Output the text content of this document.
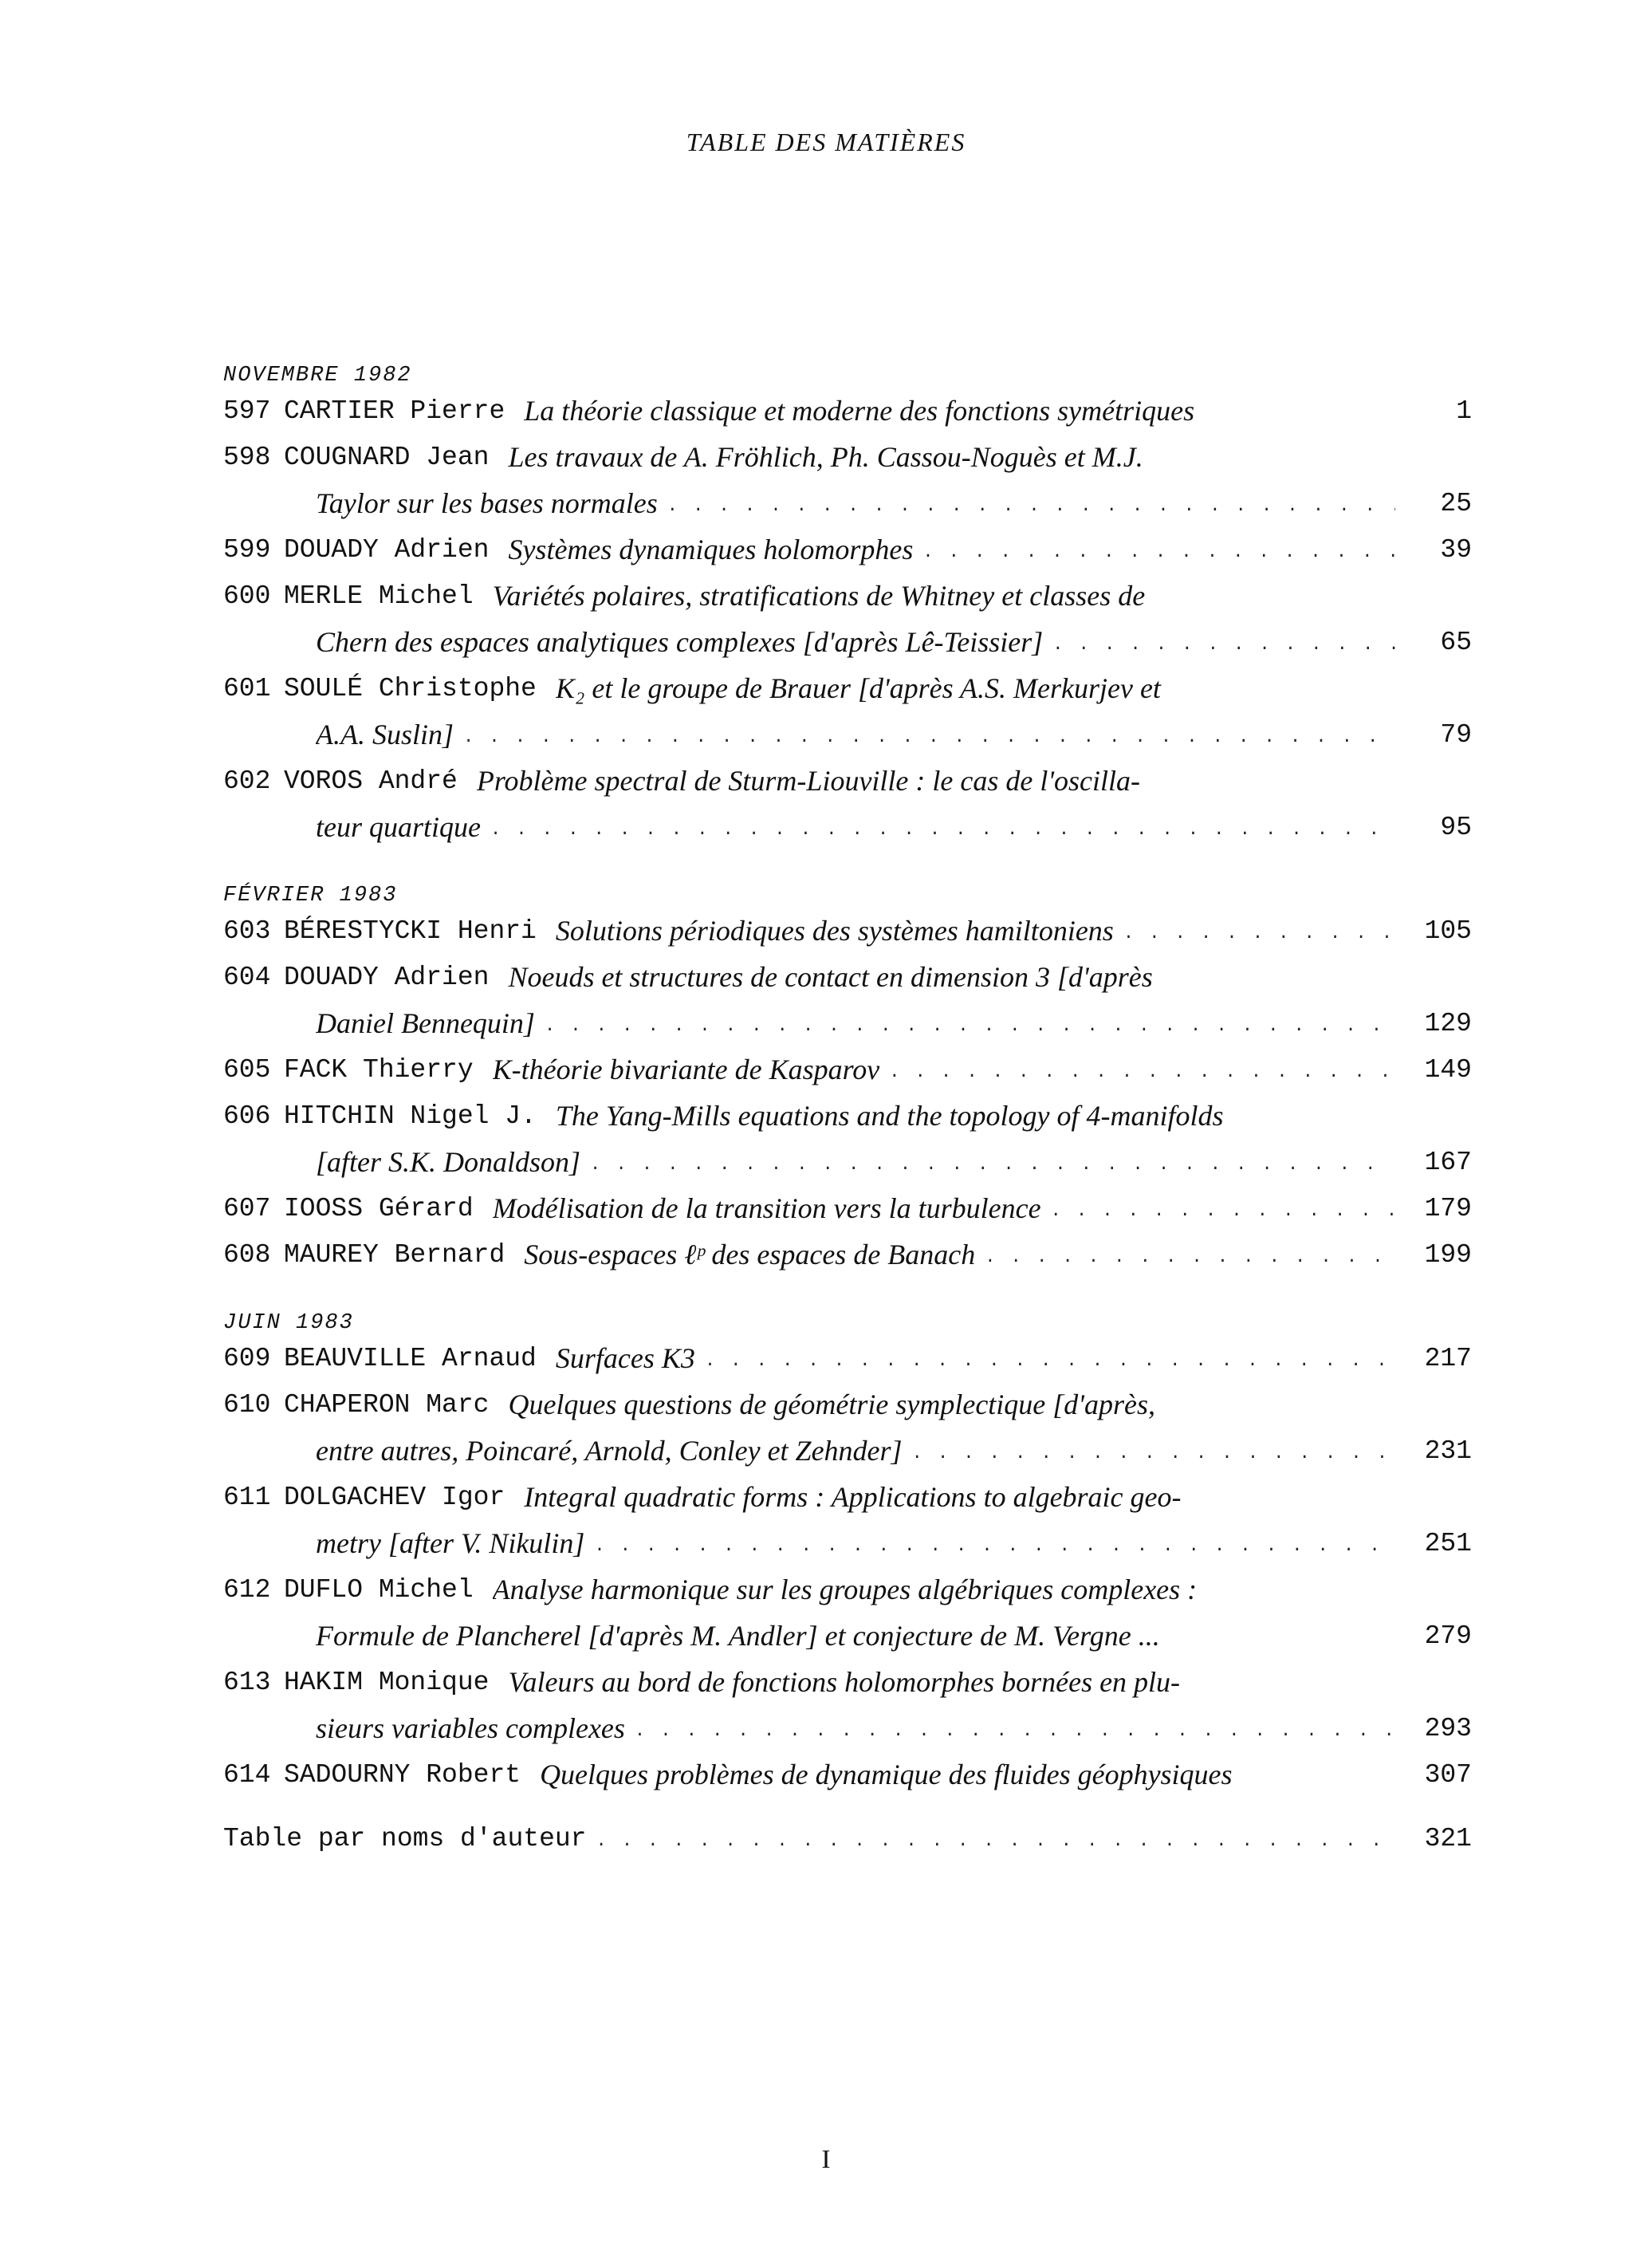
TABLE DES MATIÈRES
NOVEMBRE 1982
597 CARTIER Pierre La théorie classique et moderne des fonctions symétriques	1
598 COUGNARD Jean Les travaux de A. Fröhlich, Ph. Cassou-Noguès et M.J.
Taylor sur les bases normales . . .	25
599 DOUADY Adrien Systèmes dynamiques holomorphes . . .	39
600 MERLE Michel Variétés polaires, stratifications de Whitney et classes de
Chern des espaces analytiques complexes [d'après Lê-Teissier] . . .	65
601 SOULÉ Christophe K₂ et le groupe de Brauer [d'après A.S. Merkurjev et
A.A. Suslin] . . .	79
602 VOROS André Problème spectral de Sturm-Liouville : le cas de l'oscilla-
teur quartique . . .	95
FÉVRIER 1983
603 BÉRESTYCKI Henri Solutions périodiques des systèmes hamiltoniens . . .	105
604 DOUADY Adrien Noeuds et structures de contact en dimension 3 [d'après
Daniel Bennequin] . . .	129
605 FACK Thierry K-théorie bivariante de Kasparov . . .	149
606 HITCHIN Nigel J. The Yang-Mills equations and the topology of 4-manifolds
[after S.K. Donaldson] . . .	167
607 IOOSS Gérard Modélisation de la transition vers la turbulence . . .	179
608 MAUREY Bernard Sous-espaces ℓᵖ des espaces de Banach . . .	199
JUIN 1983
609 BEAUVILLE Arnaud Surfaces K3 . . .	217
610 CHAPERON Marc Quelques questions de géométrie symplectique [d'après,
entre autres, Poincaré, Arnold, Conley et Zehnder] . . .	231
611 DOLGACHEV Igor Integral quadratic forms : Applications to algebraic geo-
metry [after V. Nikulin] . . .	251
612 DUFLO Michel Analyse harmonique sur les groupes algébriques complexes :
Formule de Plancherel [d'après M. Andler] et conjecture de M. Vergne ...	279
613 HAKIM Monique Valeurs au bord de fonctions holomorphes bornées en plu-
sieurs variables complexes . . .	293
614 SADOURNY Robert Quelques problèmes de dynamique des fluides géophysiques	307
Table par noms d'auteur . . .	321
I
